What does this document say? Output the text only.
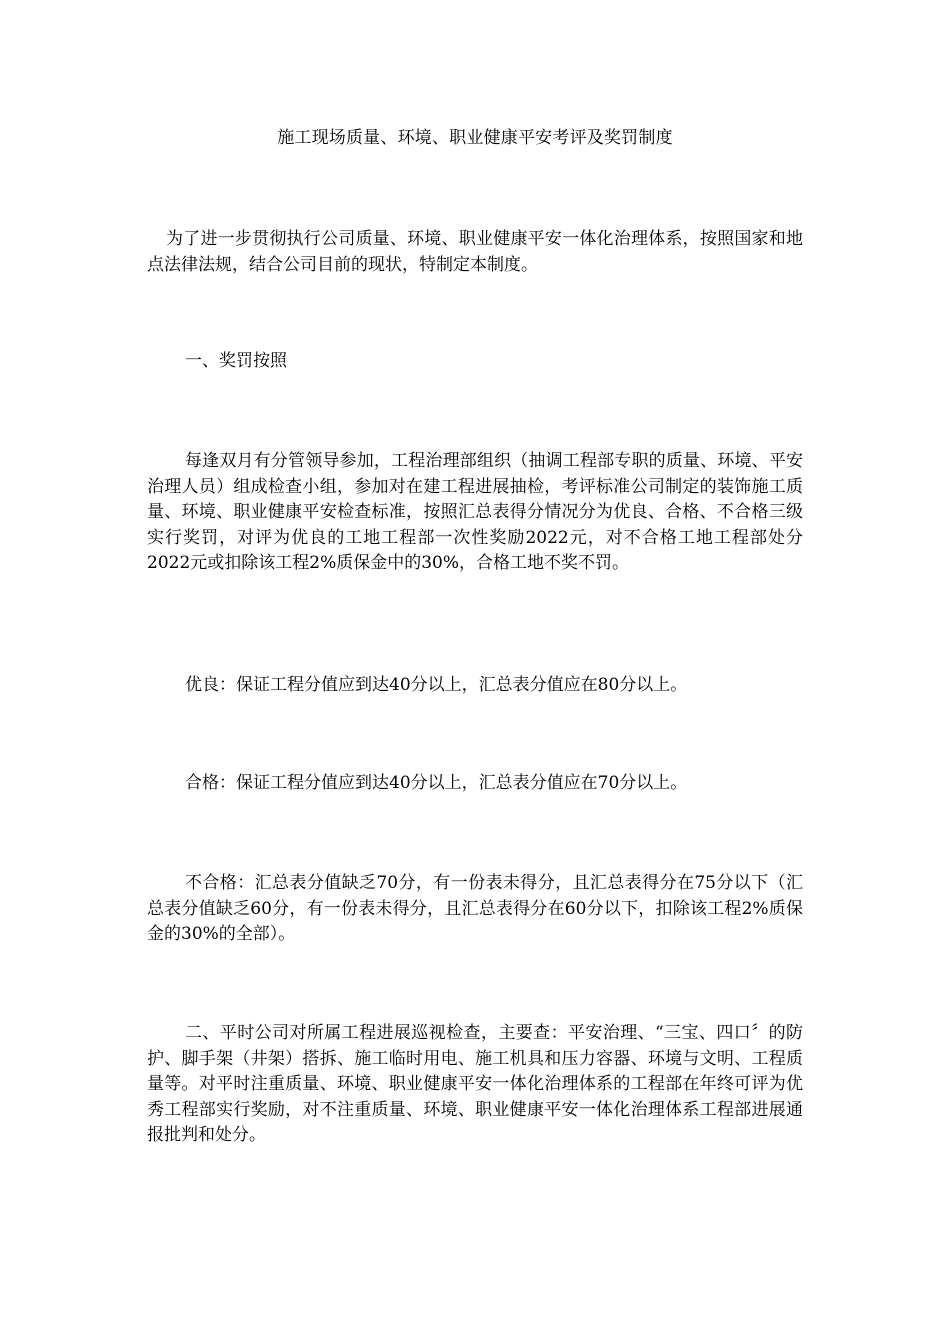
施工现场质量、环境、职业健康平安考评及奖罚制度

为了进一步贯彻执行公司质量、环境、职业健康平安一体化治理体系，按照国家和地点法律法规，结合公司目前的现状，特制定本制度。

一、奖罚按照

每逢双月有分管领导参加，工程治理部组织（抽调工程部专职的质量、环境、平安治理人员）组成检查小组，参加对在建工程进展抽检，考评标准公司制定的装饰施工质量、环境、职业健康平安检查标准，按照汇总表得分情况分为优良、合格、不合格三级实行奖罚，对评为优良的工地工程部一次性奖励2022元，对不合格工地工程部处分2022元或扣除该工程2%质保金中的30%，合格工地不奖不罚。

优良：保证工程分值应到达40分以上，汇总表分值应在80分以上。

合格：保证工程分值应到达40分以上，汇总表分值应在70分以上。

不合格：汇总表分值缺乏70分，有一份表未得分，且汇总表得分在75分以下（汇总表分值缺乏60分，有一份表未得分，且汇总表得分在60分以下，扣除该工程2%质保金的30%的全部）。

二、平时公司对所属工程进展巡视检查，主要查：平安治理、“三宝、四口〞的防护、脚手架（井架）搭拆、施工临时用电、施工机具和压力容器、环境与文明、工程质量等。对平时注重质量、环境、职业健康平安一体化治理体系的工程部在年终可评为优秀工程部实行奖励，对不注重质量、环境、职业健康平安一体化治理体系工程部进展通报批判和处分。
